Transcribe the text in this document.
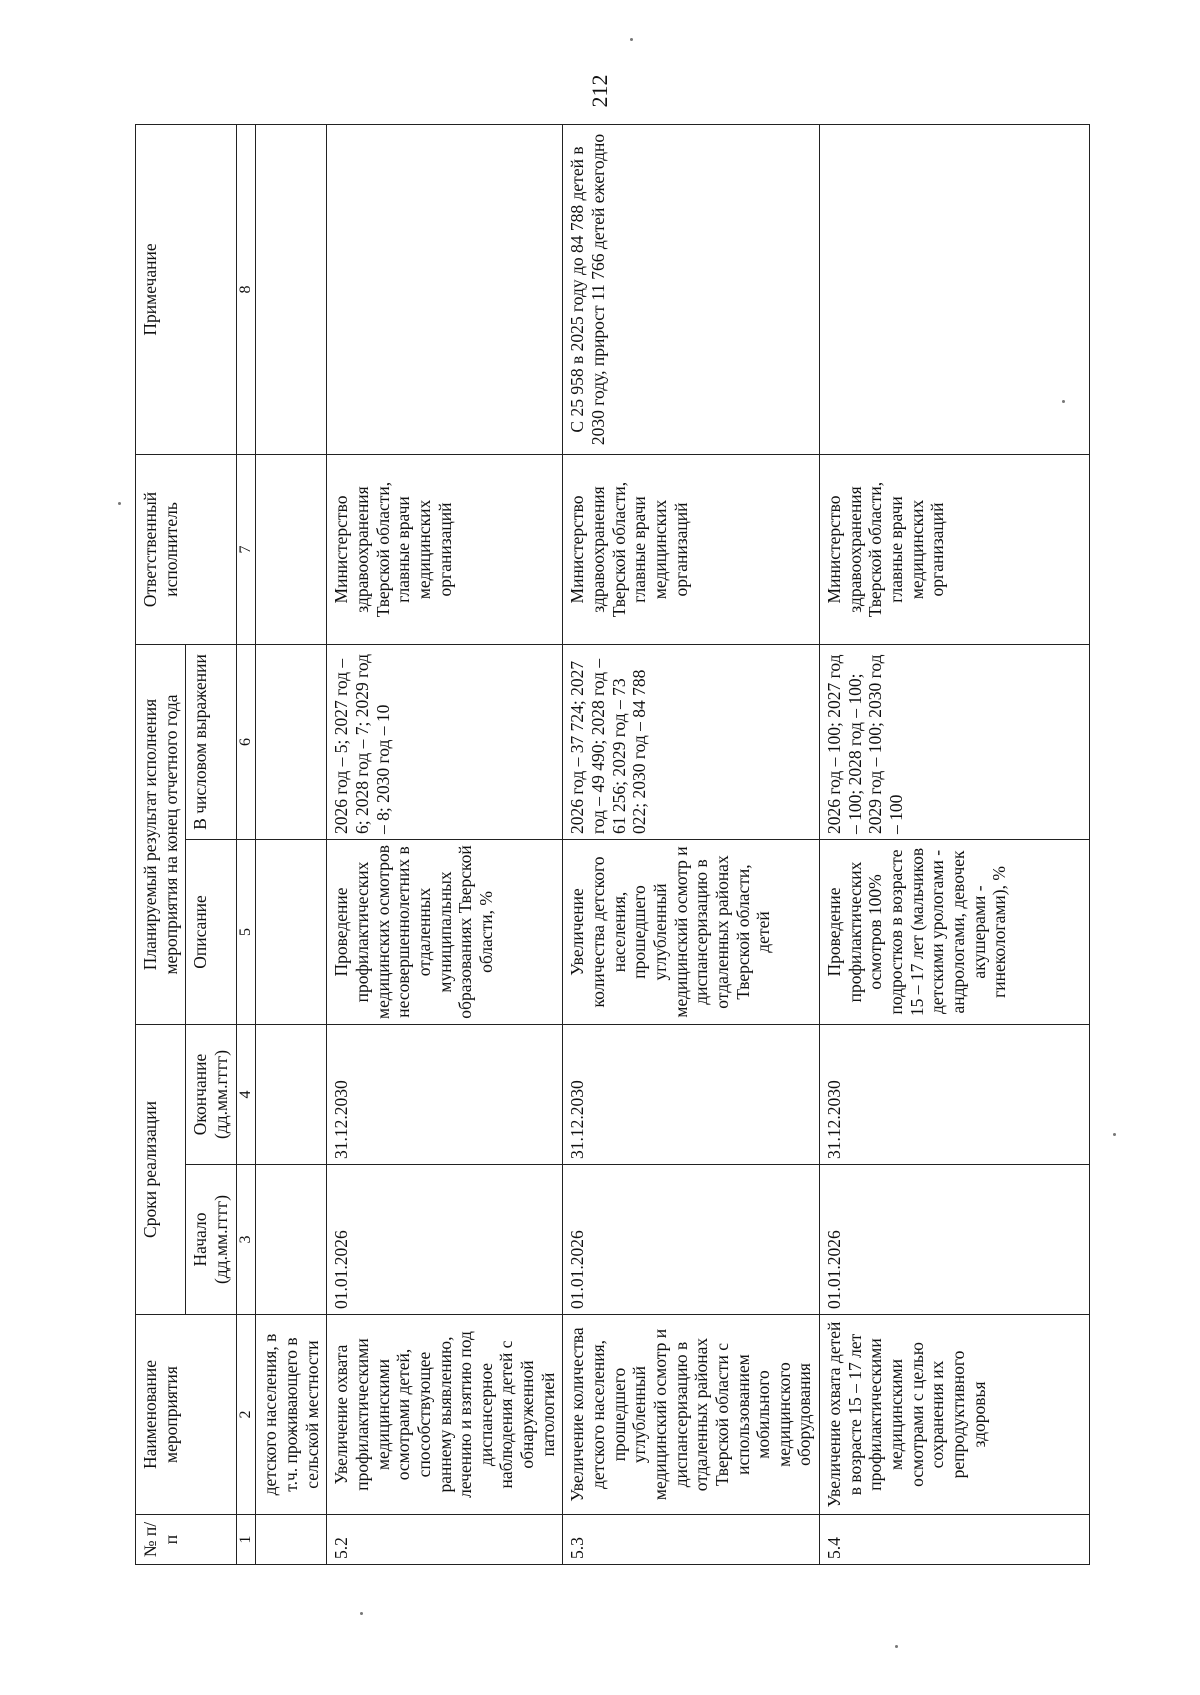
212
№ п/п	Наименование мероприятия	Сроки реализации		Планируемый результат исполнения мероприятия на конец отчетного года		Ответственный исполнитель	Примечание
		Начало (дд.мм.гггг)	Окончание (дд.мм.гггг)	Описание	В числовом выражении		
1	2	3	4	5	6	7	8
	детского населения, в т.ч. проживающего в сельской местности						
5.2	Увеличение охвата профилактическими медицинскими осмотрами детей, способствующее раннему выявлению, лечению и взятию под диспансерное наблюдения детей с обнаруженной патологией	01.01.2026	31.12.2030	Проведение профилактических медицинских осмотров несовершеннолетних в отдаленных муниципальных образованиях Тверской области, %	2026 год – 5; 2027 год – 6; 2028 год – 7; 2029 год – 8; 2030 год – 10	Министерство здравоохранения Тверской области, главные врачи медицинских организаций	
5.3	Увеличение количества детского населения, прошедшего углубленный медицинский осмотр и диспансеризацию в отдаленных районах Тверской области с использованием мобильного медицинского оборудования	01.01.2026	31.12.2030	Увеличение количества детского населения, прошедшего углубленный медицинский осмотр и диспансеризацию в отдаленных районах Тверской области, детей	2026 год – 37 724; 2027 год – 49 490; 2028 год – 61 256; 2029 год – 73 022; 2030 год – 84 788	Министерство здравоохранения Тверской области, главные врачи медицинских организаций	С 25 958 в 2025 году до 84 788 детей в 2030 году, прирост 11 766 детей ежегодно
5.4	Увеличение охвата детей в возрасте 15 – 17 лет профилактическими медицинскими осмотрами с целью сохранения их репродуктивного здоровья	01.01.2026	31.12.2030	Проведение профилактических осмотров 100% подростков в возрасте 15 – 17 лет (мальчиков детскими урологами - андрологами, девочек акушерами - гинекологами), %	2026 год – 100; 2027 год – 100; 2028 год – 100; 2029 год – 100; 2030 год – 100	Министерство здравоохранения Тверской области, главные врачи медицинских организаций	
